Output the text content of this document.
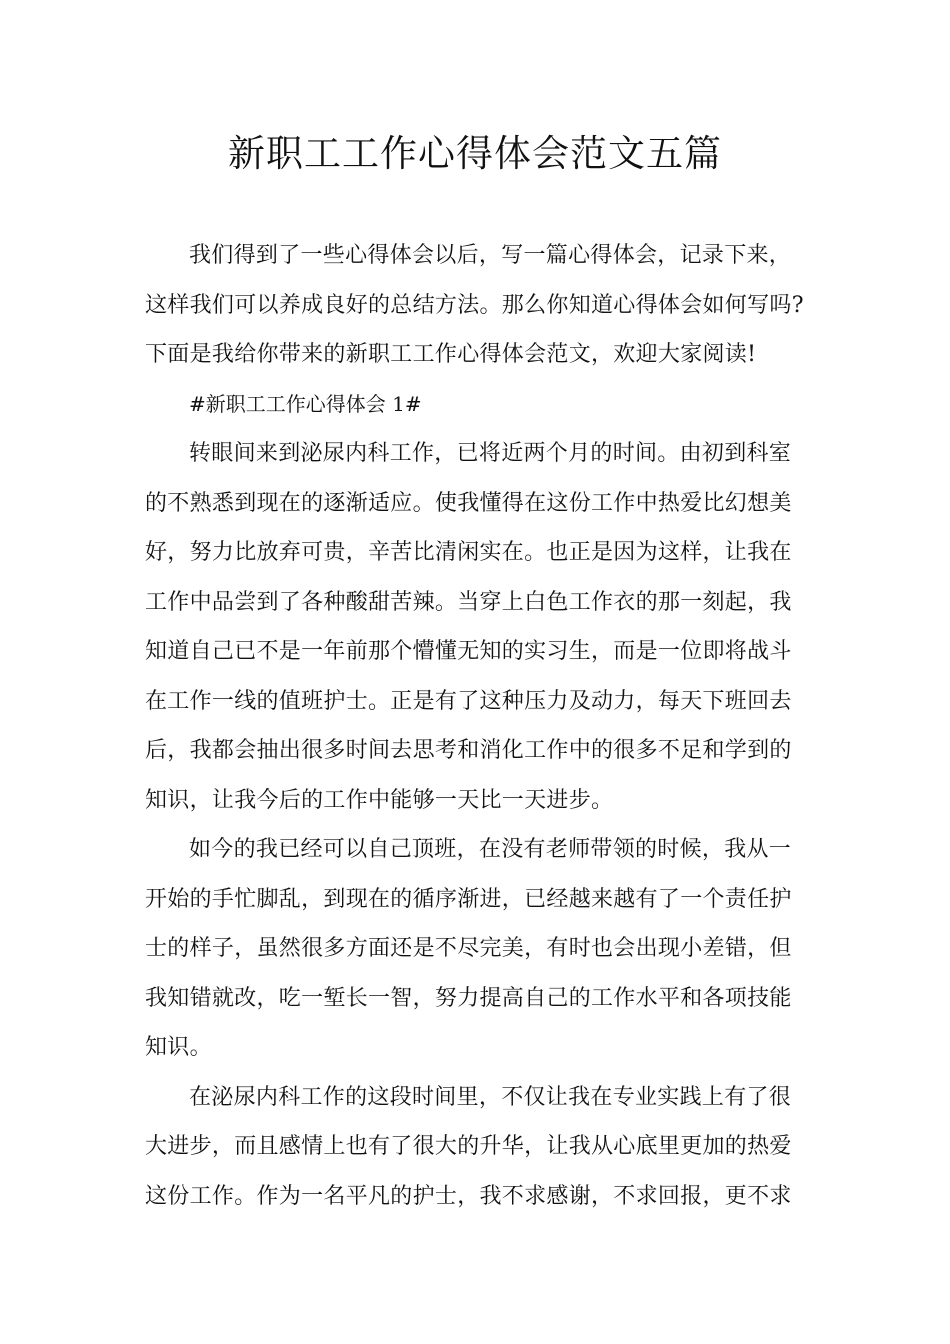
新职工工作心得体会范文五篇

我们得到了一些心得体会以后，写一篇心得体会，记录下来，
这样我们可以养成良好的总结方法。那么你知道心得体会如何写吗?
下面是我给你带来的新职工工作心得体会范文，欢迎大家阅读!

#新职工工作心得体会 1#

转眼间来到泌尿内科工作，已将近两个月的时间。由初到科室
的不熟悉到现在的逐渐适应。使我懂得在这份工作中热爱比幻想美
好，努力比放弃可贵，辛苦比清闲实在。也正是因为这样，让我在
工作中品尝到了各种酸甜苦辣。当穿上白色工作衣的那一刻起，我
知道自己已不是一年前那个懵懂无知的实习生，而是一位即将战斗
在工作一线的值班护士。正是有了这种压力及动力，每天下班回去
后，我都会抽出很多时间去思考和消化工作中的很多不足和学到的
知识，让我今后的工作中能够一天比一天进步。

如今的我已经可以自己顶班，在没有老师带领的时候，我从一
开始的手忙脚乱，到现在的循序渐进，已经越来越有了一个责任护
士的样子，虽然很多方面还是不尽完美，有时也会出现小差错，但
我知错就改，吃一堑长一智，努力提高自己的工作水平和各项技能
知识。

在泌尿内科工作的这段时间里，不仅让我在专业实践上有了很
大进步，而且感情上也有了很大的升华，让我从心底里更加的热爱
这份工作。作为一名平凡的护士，我不求感谢，不求回报，更不求
